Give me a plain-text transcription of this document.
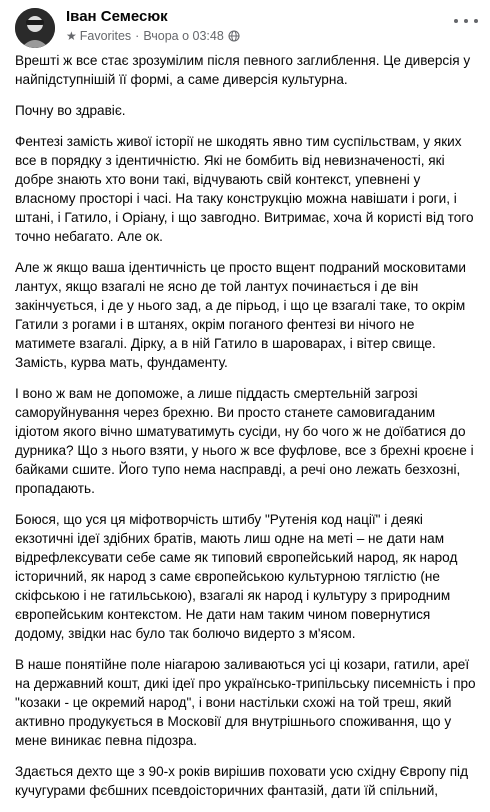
Іван Семесюк
★ Favorites · Вчора о 03:48

Врешті ж все стає зрозумілим після певного заглиблення. Це диверсія у найпідступнішій її формі, а саме диверсія культурна.

Почну во здравіє.

Фентезі замість живої історії не шкодять явно тим суспільствам, у яких все в порядку з ідентичністю. Які не бомбить від невизначеності, які добре знають хто вони такі, відчувають свій контекст, упевнені у власному просторі і часі. На таку конструкцію можна навішати і роги, і штані, і Гатило, і Оріану, і що завгодно. Витримає, хоча й користі від того точно небагато. Але ок.

Але ж якщо ваша ідентичність це просто вщент подраний московитами лантух, якщо взагалі не ясно де той лантух починається і де він закінчується, і де у нього зад, а де пірьод, і що це взагалі таке, то окрім Гатили з рогами і в штанях, окрім поганого фентезі ви нічого не матимете взагалі. Дірку, а в ній Гатило в шароварах, і вітер свище. Замість, курва мать, фундаменту.

І воно ж вам не допоможе, а лише піддасть смертельній загрозі саморуйнування через брехню. Ви просто станете самовигаданим ідіотом якого вічно шматуватимуть сусіди, ну бо чого ж не доїбатися до дурника? Що з нього взяти, у нього ж все фуфлове, все з брехні кроєне і байками сшите. Його тупо нема насправді, а речі оно лежать безхозні, пропадають.

Боюся, що уся ця міфотворчість штибу "Рутенія код нації" і деякі екзотичні ідеї здібних братів, мають лиш одне на меті – не дати нам відрефлексувати себе саме як типовий європейський народ, як народ історичний, як народ з саме європейською культурною тяглістю (не скіфською і не гатильською), взагалі як народ і культуру з природним європейським контекстом. Не дати нам таким чином повернутися додому, звідки нас було так болючо видерто з м'ясом.

В наше понятійне поле ніагарою заливаються усі ці козари, гатили, ареї на державний кошт, дикі ідеї про українсько-трипільську писемність і про "козаки - це окремий народ", і вони настільки схожі на той треш, який активно продукується в Московії для внутрішнього споживання, що у мене виникає певна підозра.

Здається дехто ще з 90-х років вирішив поховати усю східну Європу під кучугурами фєбшних псевдоісторичних фантазій, дати їй спільний,
